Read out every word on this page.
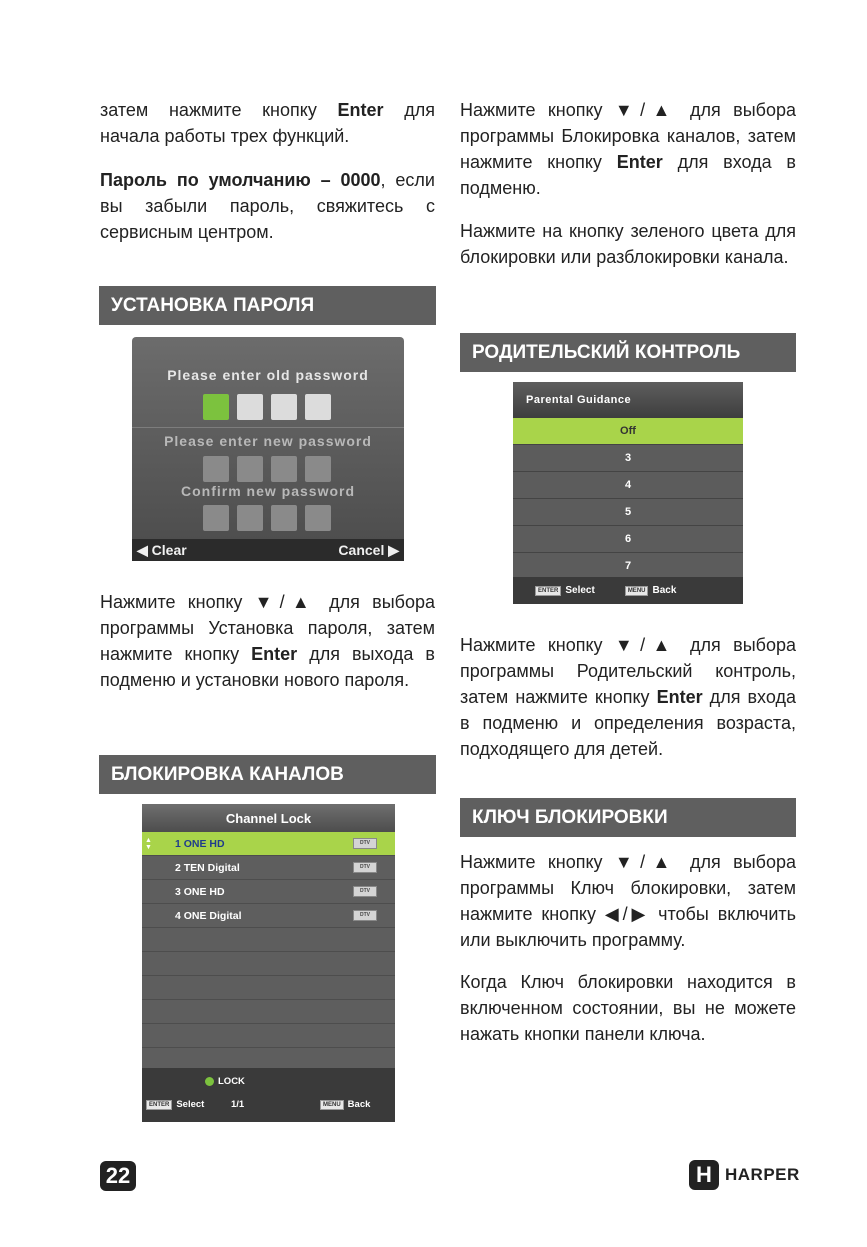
затем нажмите кнопку Enter для начала работы трех функций.

Пароль по умолчанию – 0000, если вы забыли пароль, свяжитесь с сервисным центром.

УСТАНОВКА ПАРОЛЯ
Please enter old password
Please enter new password
Confirm new password
◀ Clear	Cancel ▶

Нажмите кнопку ▼/▲ для выбора программы Установка пароля, затем нажмите кнопку Enter для выхода в подменю и установки нового пароля.

БЛОКИРОВКА КАНАЛОВ
Channel Lock
▲
▼ 1 ONE HD	DTV
2 TEN Digital	DTV
3 ONE HD	DTV
4 ONE Digital	DTV
LOCK
ENTER Select	1/1	MENU Back

Нажмите кнопку ▼/▲ для выбора программы Блокировка каналов, затем нажмите кнопку Enter для входа в подменю.

Нажмите на кнопку зеленого цвета для блокировки или разблокировки канала.

РОДИТЕЛЬСКИЙ КОНТРОЛЬ
Parental Guidance
Off
3
4
5
6
7
ENTER Select	MENU Back

Нажмите кнопку ▼/▲ для выбора программы Родительский контроль, затем нажмите кнопку Enter для входа в подменю и определения возраста, подходящего для детей.

КЛЮЧ БЛОКИРОВКИ

Нажмите кнопку ▼/▲ для выбора программы Ключ блокировки, затем нажмите кнопку ◀/▶ чтобы включить или выключить программу.

Когда Ключ блокировки находится в включенном состоянии, вы не можете нажать кнопки панели ключа.

22	H HARPER
